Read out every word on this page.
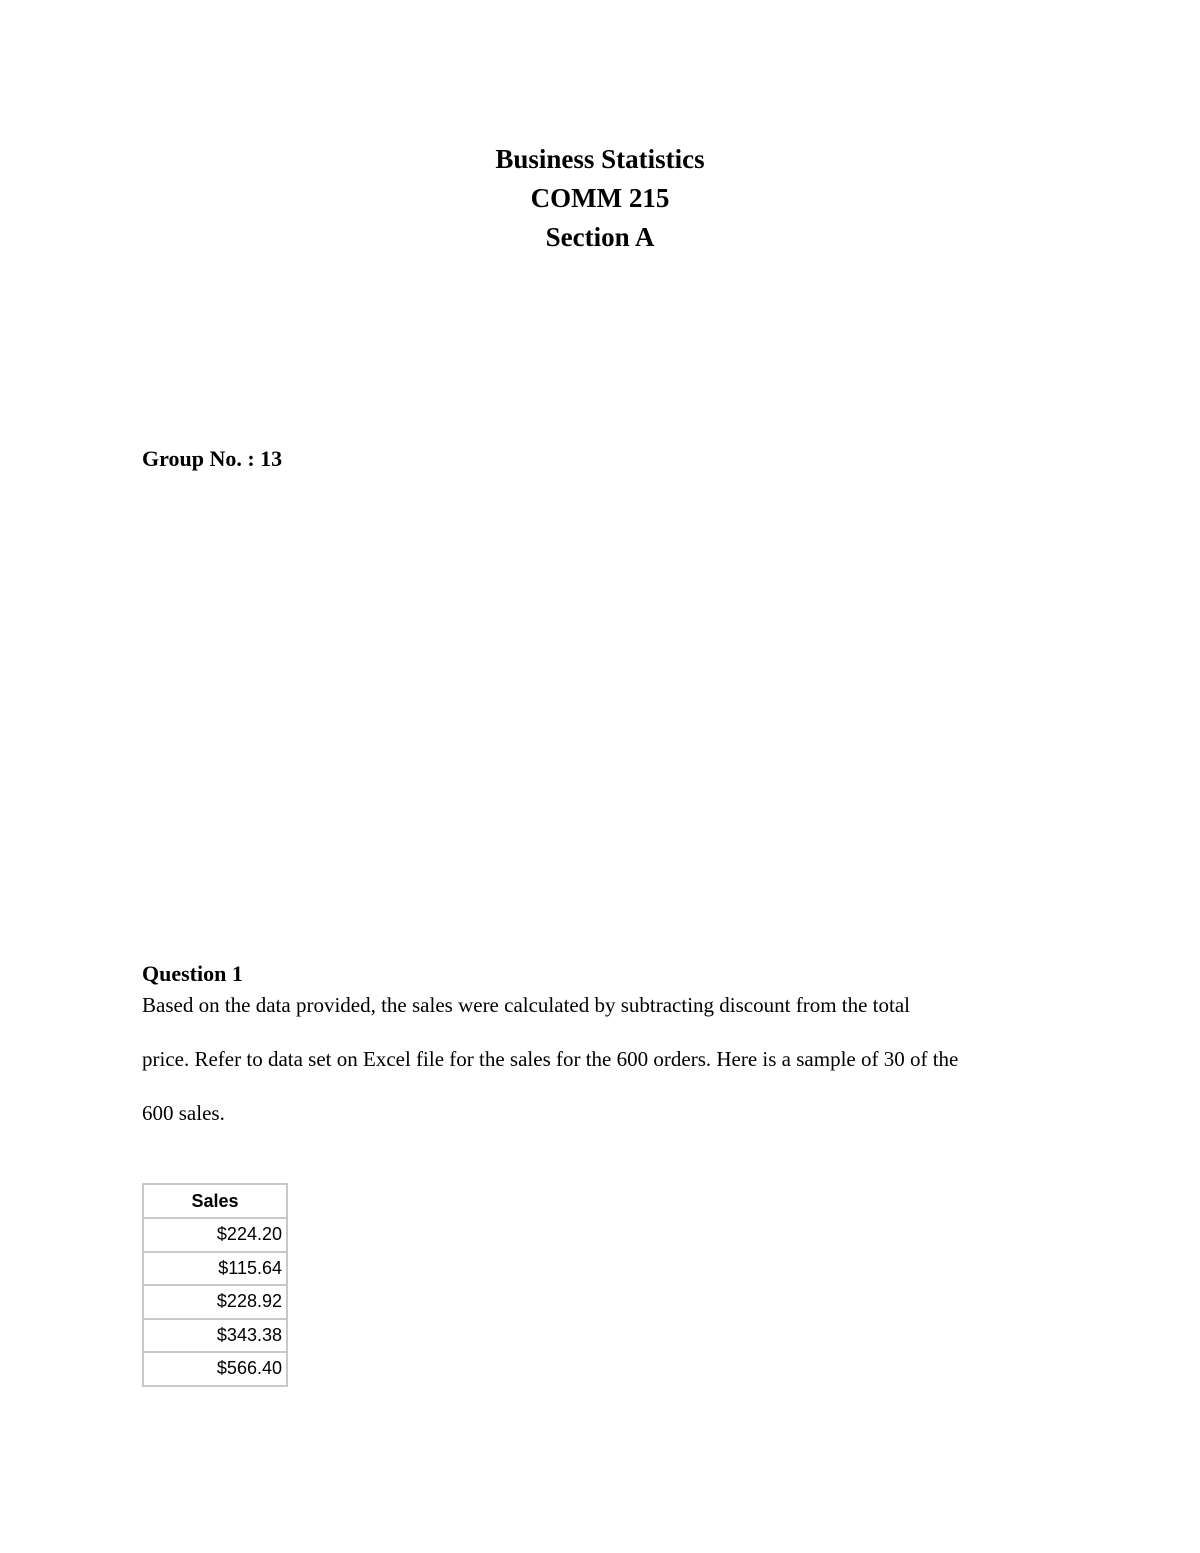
Business Statistics
COMM 215
Section A
Group No. : 13
Question 1
Based on the data provided, the sales were calculated by subtracting discount from the total
price. Refer to data set on Excel file for the sales for the 600 orders. Here is a sample of 30 of the
600 sales.
Sales
$224.20
$115.64
$228.92
$343.38
$566.40
